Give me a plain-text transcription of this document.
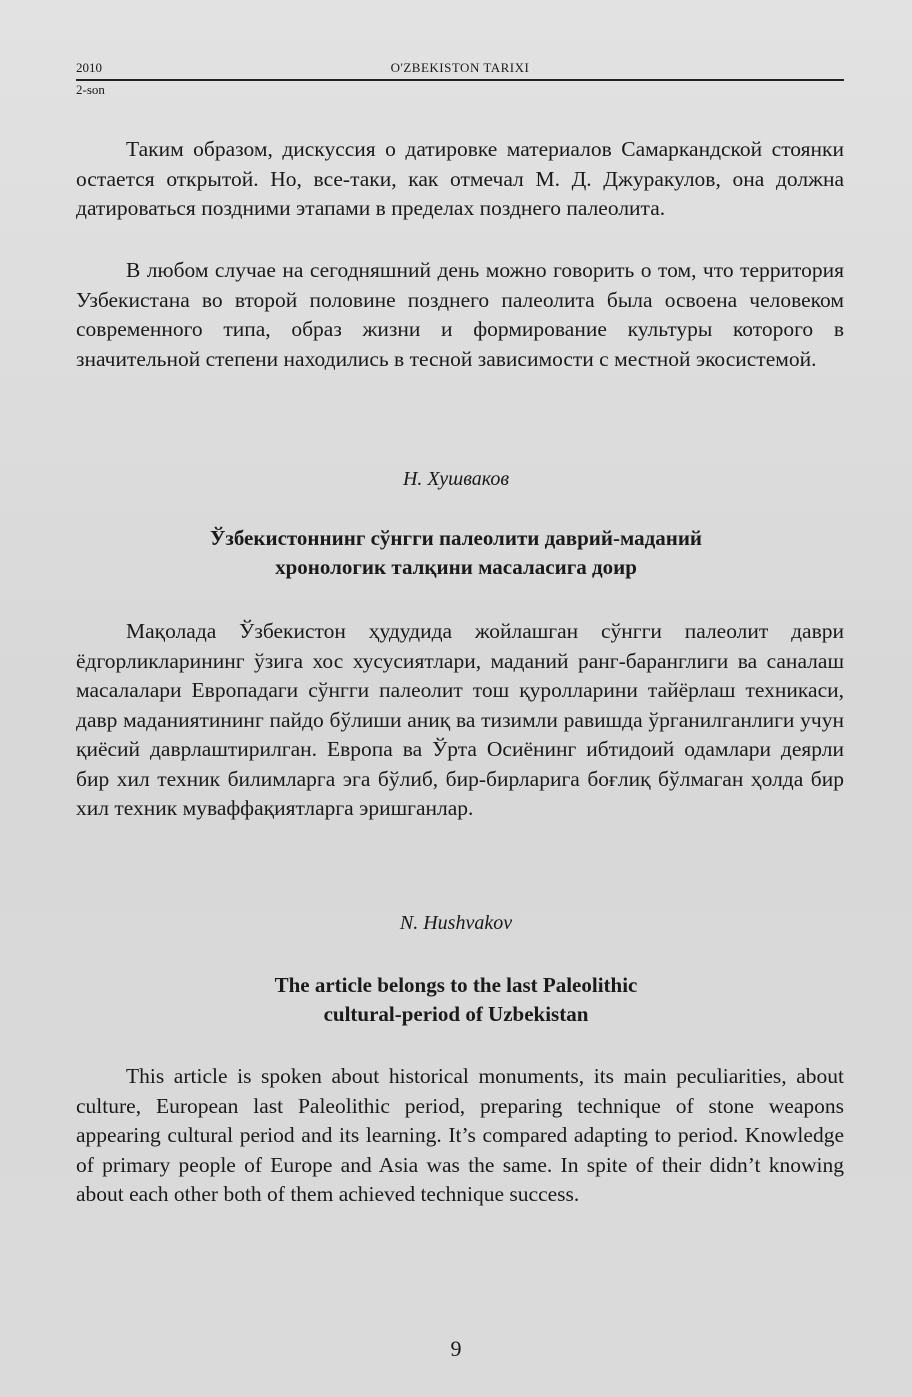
2010	O'ZBEKISTON TARIXI
2-son

Таким образом, дискуссия о датировке материалов Самаркандской стоянки остается открытой. Но, все-таки, как отмечал М. Д. Джуракулов, она должна датироваться поздними этапами в пределах позднего палеолита.

В любом случае на сегодняшний день можно говорить о том, что территория Узбекистана во второй половине позднего палеолита была освоена человеком современного типа, образ жизни и формирование культуры которого в значительной степени находились в тесной зависимости с местной экосистемой.

Н. Хушваков
Ўзбекистоннинг сўнгги палеолити даврий-маданий
хронологик талқини масаласига доир

Мақолада Ўзбекистон ҳудудида жойлашган сўнгги палеолит даври ёдгорликларининг ўзига хос хусусиятлари, маданий ранг-баранглиги ва саналаш масалалари Европадаги сўнгги палеолит тош қуролларини тайёрлаш техникаси, давр маданиятининг пайдо бўлиши аниқ ва тизимли равишда ўрганилганлиги учун қиёсий даврлаштирилган. Европа ва Ўрта Осиёнинг ибтидоий одамлари деярли бир хил техник билимларга эга бўлиб, бир-бирларига боғлиқ бўлмаган ҳолда бир хил техник муваффақиятларга эришганлар.

N. Hushvakov
The article belongs to the last Paleolithic
cultural-period of Uzbekistan

This article is spoken about historical monuments, its main peculiarities, about culture, European last Paleolithic period, preparing technique of stone weapons appearing cultural period and its learning. It’s compared adapting to period. Knowledge of primary people of Europe and Asia was the same. In spite of their didn’t knowing about each other both of them achieved technique success.

9
